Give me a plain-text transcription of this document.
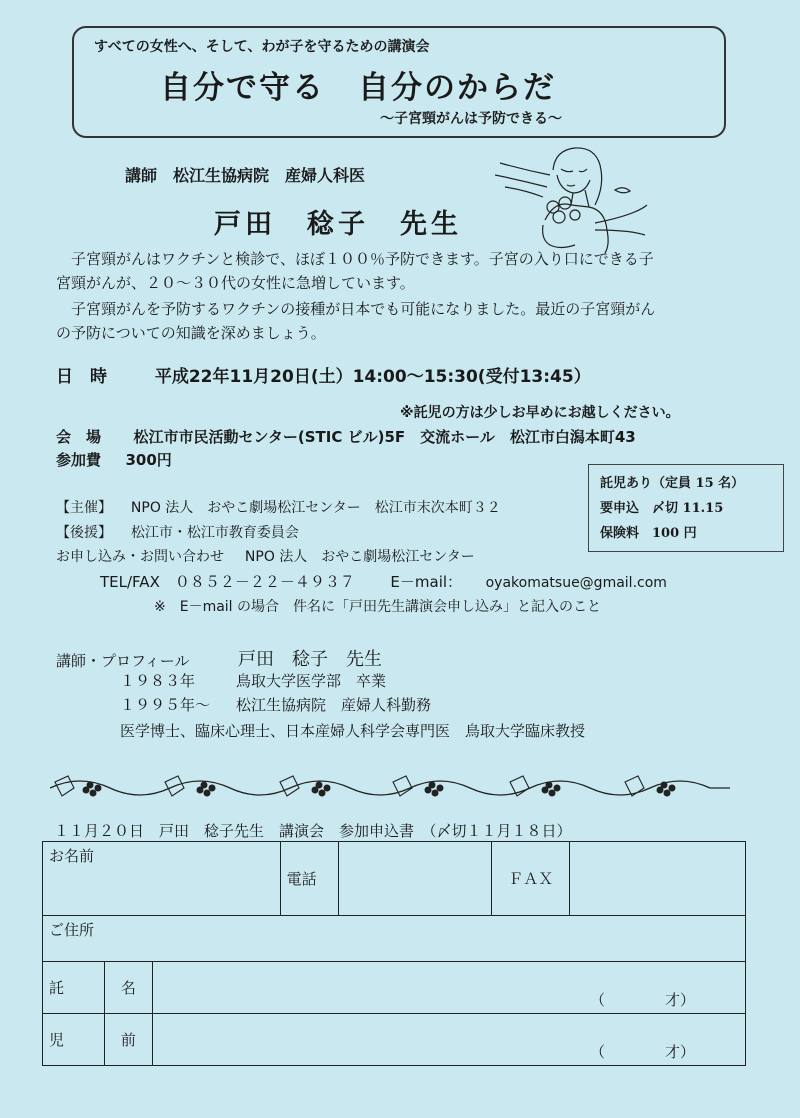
すべての女性へ、そして、わが子を守るための講演会
自分で守る　自分のからだ
～子宮頸がんは予防できる～
講師　松江生協病院　産婦人科医
戸田　稔子　先生
　子宮頸がんはワクチンと検診で、ほぼ１００％予防できます。子宮の入り口にできる子
宮頸がんが、２０～３０代の女性に急増しています。
　子宮頸がんを予防するワクチンの接種が日本でも可能になりました。最近の子宮頸がん
の予防についての知識を深めましょう。
日　時	平成22年11月20日(土）14:00～15:30(受付13:45）
※託児の方は少しお早めにお越しください。
会　場 松江市市民活動センター(STIC ビル)5F　交流ホール　松江市白潟本町43
参加費 300円
託児あり（定員 15 名）
要申込　〆切 11.15
保険料　100 円
【主催】 NPO 法人　おやこ劇場松江センター　松江市末次本町３２
【後援】 松江市・松江市教育委員会
お申し込み・お問い合わせ NPO 法人　おやこ劇場松江センター
TEL/FAX　０８５２－２２－４９３７ E－mail： oyakomatsue@gmail.com
※　E－mail の場合　件名に「戸田先生講演会申し込み」と記入のこと
講師・プロフィール	戸田　稔子　先生
１９８３年	鳥取大学医学部　卒業
１９９５年～ 松江生協病院　産婦人科勤務
医学博士、臨床心理士、日本産婦人科学会専門医　鳥取大学臨床教授
１１月２０日　戸田　稔子先生　講演会　参加申込書　（〆切１１月１８日）
お名前			電話		ＦＡＸ	
ご住所						
託	名	（　　　　才）				
児	前	（　　　　才）				
